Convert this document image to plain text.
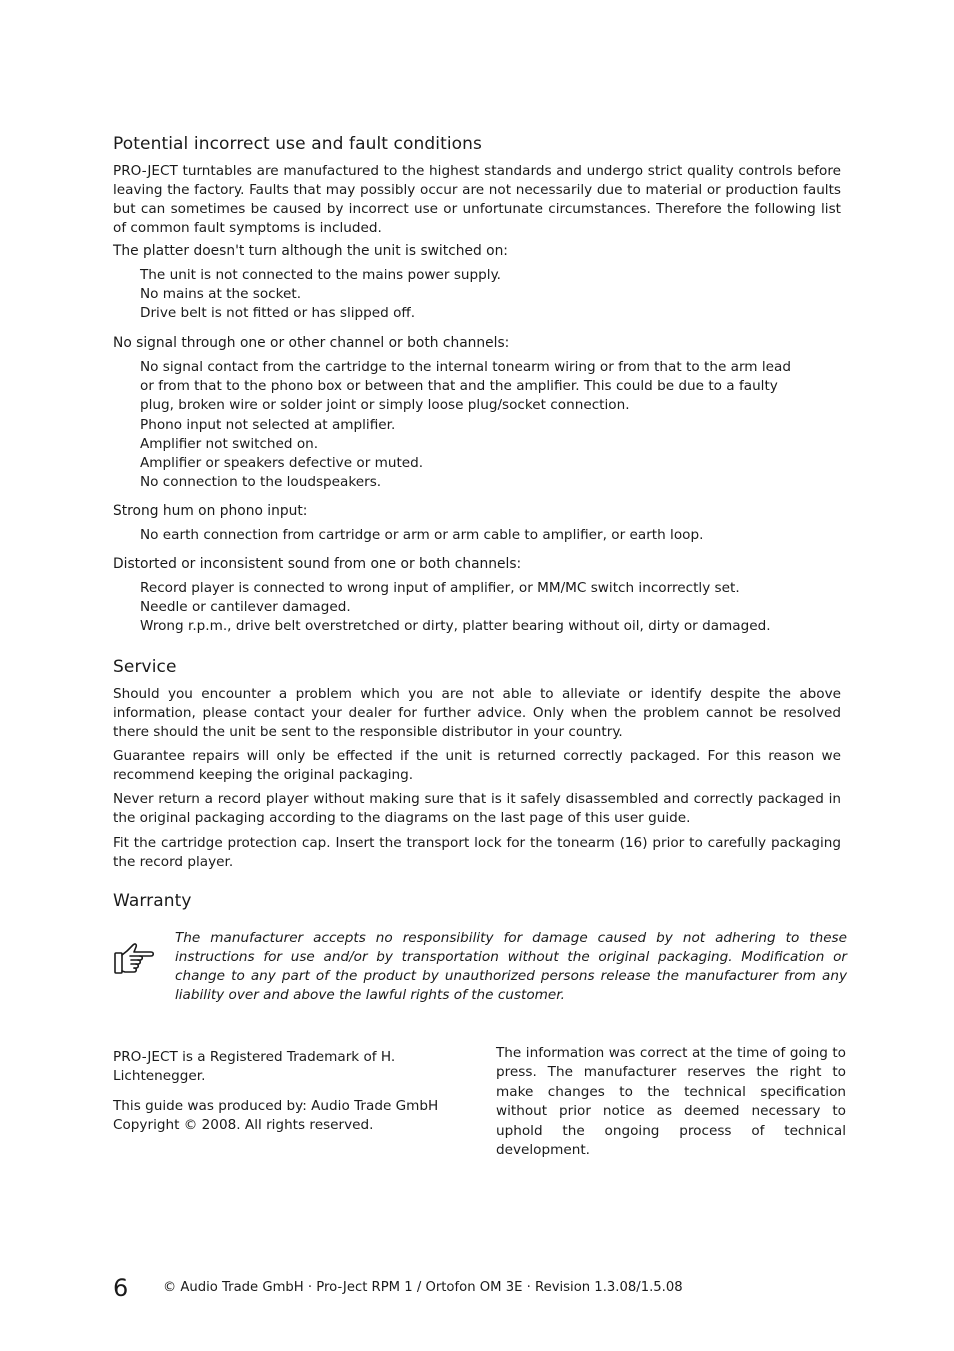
Potential incorrect use and fault conditions

PRO-JECT turntables are manufactured to the highest standards and undergo strict quality controls before leaving the factory. Faults that may possibly occur are not necessarily due to material or production faults but can sometimes be caused by incorrect use or unfortunate circumstances. Therefore the following list of common fault symptoms is included.

The platter doesn't turn although the unit is switched on:

The unit is not connected to the mains power supply.
No mains at the socket.
Drive belt is not fitted or has slipped off.

No signal through one or other channel or both channels:

No signal contact from the cartridge to the internal tonearm wiring or from that to the arm lead or from that to the phono box or between that and the amplifier. This could be due to a faulty plug, broken wire or solder joint or simply loose plug/socket connection.
Phono input not selected at amplifier.
Amplifier not switched on.
Amplifier or speakers defective or muted.
No connection to the loudspeakers.

Strong hum on phono input:

No earth connection from cartridge or arm or arm cable to amplifier, or earth loop.

Distorted or inconsistent sound from one or both channels:

Record player is connected to wrong input of amplifier, or MM/MC switch incorrectly set.
Needle or cantilever damaged.
Wrong r.p.m., drive belt overstretched or dirty, platter bearing without oil, dirty or damaged.
Service

Should you encounter a problem which you are not able to alleviate or identify despite the above information, please contact your dealer for further advice. Only when the problem cannot be resolved there should the unit be sent to the responsible distributor in your country.

Guarantee repairs will only be effected if the unit is returned correctly packaged. For this reason we recommend keeping the original packaging.

Never return a record player without making sure that is it safely disassembled and correctly packaged in the original packaging according to the diagrams on the last page of this user guide.

Fit the cartridge protection cap. Insert the transport lock for the tonearm (16) prior to carefully packaging the record player.

Warranty

The manufacturer accepts no responsibility for damage caused by not adhering to these instructions for use and/or by transportation without the original packaging. Modification or change to any part of the product by unauthorized persons release the manufacturer from any liability over and above the lawful rights of the customer.

PRO-JECT is a Registered Trademark of H. Lichtenegger.
This guide was produced by: Audio Trade GmbH
Copyright © 2008. All rights reserved.
The information was correct at the time of going to press. The manufacturer reserves the right to make changes to the technical specification without prior notice as deemed necessary to uphold the ongoing process of technical development.
6	© Audio Trade GmbH · Pro-Ject RPM 1 / Ortofon OM 3E · Revision 1.3.08/1.5.08
